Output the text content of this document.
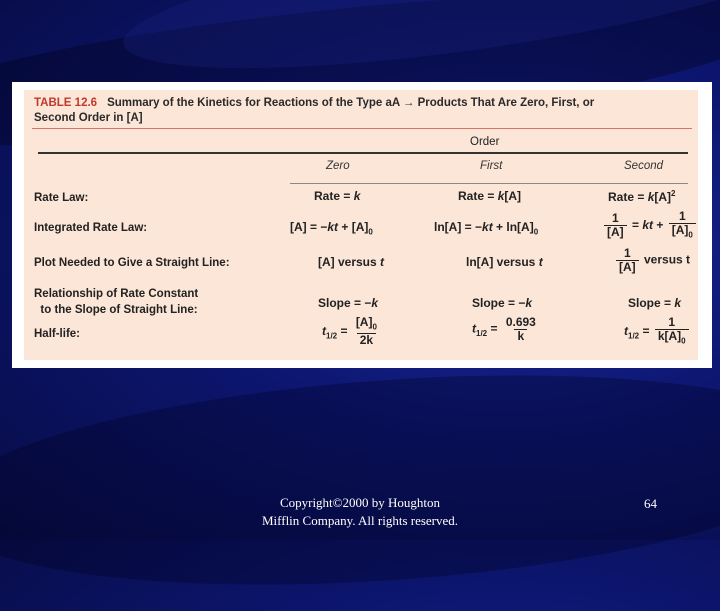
TABLE 12.6 Summary of the Kinetics for Reactions of the Type aA → Products That Are Zero, First, or
Second Order in [A]
Order
Zero	First	Second
Rate Law:	Rate = k	Rate = k[A]	Rate = $k[A]^2$
Integrated Rate Law:	$[A] = -kt + [A]_0$	$\ln[A] = -kt + \ln[A]_0$	$\frac{1}{[A]}$ = kt + $\frac{1}{[A]_0}$
Plot Needed to Give a Straight Line:	[A] versus t	ln[A] versus t	$\frac{1}{[A]}$ versus t
Relationship of Rate Constant
to the Slope of Straight Line:	Slope = −k	Slope = −k	Slope = k
Half-life:	$t_{1/2} = \frac{[A]_0}{2k}$	$t_{1/2} = \frac{0.693}{k}$	$t_{1/2} = \frac{1}{k[A]_0}$
Copyright©2000 by Houghton
Mifflin Company. All rights reserved.
64
